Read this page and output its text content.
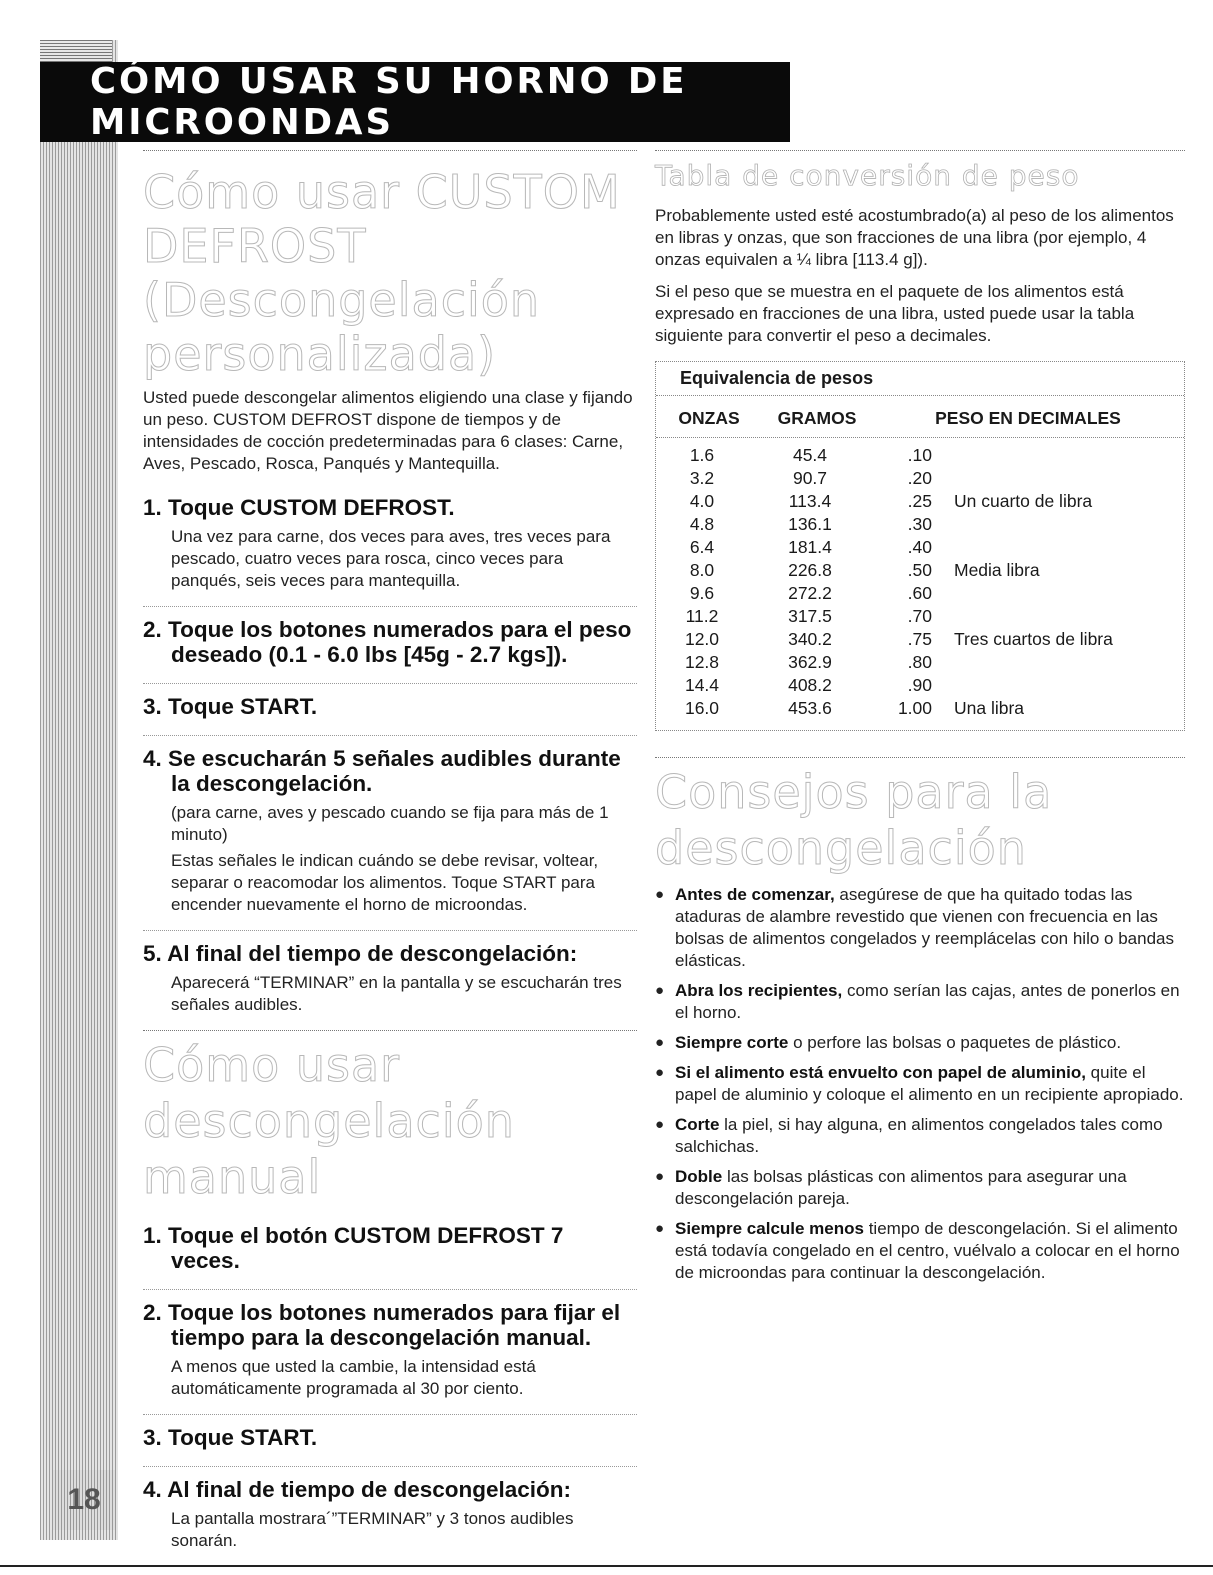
CÓMO USAR SU HORNO DE MICROONDAS
18
Cómo usar CUSTOM DEFROST (Descongelación personalizada)

Usted puede descongelar alimentos eligiendo una clase y fijando un peso. CUSTOM DEFROST dispone de tiempos y de intensidades de cocción predeterminadas para 6 clases: Carne, Aves, Pescado, Rosca, Panqués y Mantequilla.

1. Toque CUSTOM DEFROST.

Una vez para carne, dos veces para aves, tres veces para pescado, cuatro veces para rosca, cinco veces para panqués, seis veces para mantequilla.

2. Toque los botones numerados para el peso deseado (0.1 - 6.0 lbs [45g - 2.7 kgs]).
3. Toque START.
4. Se escucharán 5 señales audibles durante la descongelación.

(para carne, aves y pescado cuando se fija para más de 1 minuto)

Estas señales le indican cuándo se debe revisar, voltear, separar o reacomodar los alimentos. Toque START para encender nuevamente el horno de microondas.

5. Al final del tiempo de descongelación:

Aparecerá “TERMINAR” en la pantalla y se escucharán tres señales audibles.

Cómo usar descongelación manual
1. Toque el botón CUSTOM DEFROST 7 veces.
2. Toque los botones numerados para fijar el tiempo para la descongelación manual.

A menos que usted la cambie, la intensidad está automáticamente programada al 30 por ciento.

3. Toque START.
4. Al final de tiempo de descongelación:

La pantalla mostrara´”TERMINAR” y 3 tonos audibles sonarán.

Tabla de conversión de peso

Probablemente usted esté acostumbrado(a) al peso de los alimentos en libras y onzas, que son fracciones de una libra (por ejemplo, 4 onzas equivalen a ¼ libra [113.4 g]).

Si el peso que se muestra en el paquete de los alimentos está expresado en fracciones de una libra, usted puede usar la tabla siguiente para convertir el peso a decimales.

Equivalencia de pesos
ONZAS	GRAMOS	PESO EN DECIMALES
1.6	45.4	.10
3.2	90.7	.20
4.0	113.4	.25	Un cuarto de libra
4.8	136.1	.30
6.4	181.4	.40
8.0	226.8	.50	Media libra
9.6	272.2	.60
11.2	317.5	.70
12.0	340.2	.75	Tres cuartos de libra
12.8	362.9	.80
14.4	408.2	.90
16.0	453.6	1.00	Una libra
Consejos para la descongelación
● Antes de comenzar, asegúrese de que ha quitado todas las ataduras de alambre revestido que vienen con frecuencia en las bolsas de alimentos congelados y reemplácelas con hilo o bandas elásticas.
● Abra los recipientes, como serían las cajas, antes de ponerlos en el horno.
● Siempre corte o perfore las bolsas o paquetes de plástico.
● Si el alimento está envuelto con papel de aluminio, quite el papel de aluminio y coloque el alimento en un recipiente apropiado.
● Corte la piel, si hay alguna, en alimentos congelados tales como salchichas.
● Doble las bolsas plásticas con alimentos para asegurar una descongelación pareja.
● Siempre calcule menos tiempo de descongelación. Si el alimento está todavía congelado en el centro, vuélvalo a colocar en el horno de microondas para continuar la descongelación.
